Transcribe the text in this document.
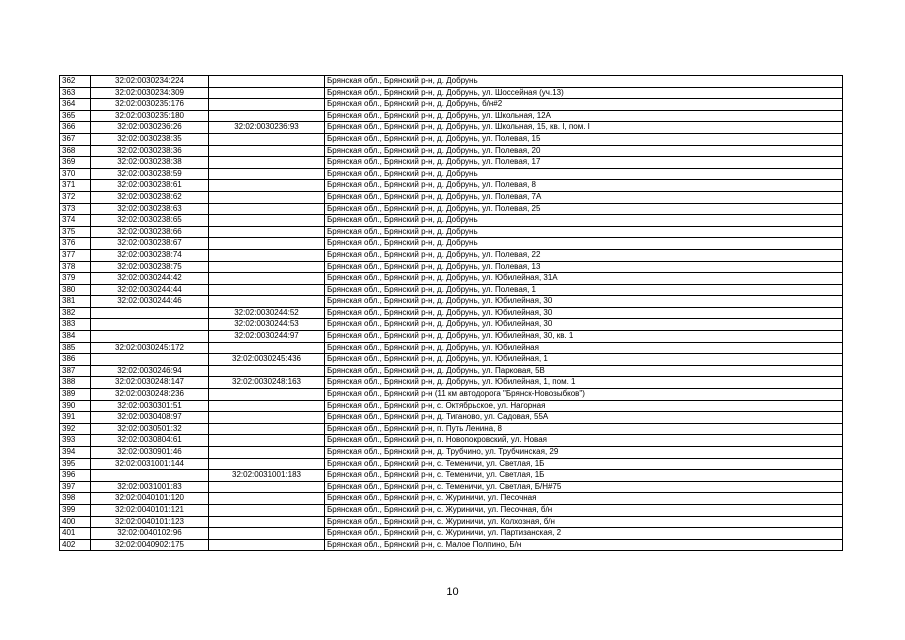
362	32:02:0030234:224		Брянская обл., Брянский р-н, д. Добрунь
363	32:02:0030234:309		Брянская обл., Брянский р-н, д. Добрунь, ул. Шоссейная (уч.13)
364	32:02:0030235:176		Брянская обл., Брянский р-н, д. Добрунь, б/н#2
365	32:02:0030235:180		Брянская обл., Брянский р-н, д. Добрунь, ул. Школьная, 12А
366	32:02:0030236:26	32:02:0030236:93	Брянская обл., Брянский р-н, д. Добрунь, ул. Школьная, 15, кв. I, пом. I
367	32:02:0030238:35		Брянская обл., Брянский р-н, д. Добрунь, ул. Полевая, 15
368	32:02:0030238:36		Брянская обл., Брянский р-н, д. Добрунь, ул. Полевая, 20
369	32:02:0030238:38		Брянская обл., Брянский р-н, д. Добрунь, ул. Полевая, 17
370	32:02:0030238:59		Брянская обл., Брянский р-н, д. Добрунь
371	32:02:0030238:61		Брянская обл., Брянский р-н, д. Добрунь, ул. Полевая, 8
372	32:02:0030238:62		Брянская обл., Брянский р-н, д. Добрунь, ул. Полевая, 7А
373	32:02:0030238:63		Брянская обл., Брянский р-н, д. Добрунь, ул. Полевая, 25
374	32:02:0030238:65		Брянская обл., Брянский р-н, д. Добрунь
375	32:02:0030238:66		Брянская обл., Брянский р-н, д. Добрунь
376	32:02:0030238:67		Брянская обл., Брянский р-н, д. Добрунь
377	32:02:0030238:74		Брянская обл., Брянский р-н, д. Добрунь, ул. Полевая, 22
378	32:02:0030238:75		Брянская обл., Брянский р-н, д. Добрунь, ул. Полевая, 13
379	32:02:0030244:42		Брянская обл., Брянский р-н, д. Добрунь, ул. Юбилейная, 31А
380	32:02:0030244:44		Брянская обл., Брянский р-н, д. Добрунь, ул. Полевая, 1
381	32:02:0030244:46		Брянская обл., Брянский р-н, д. Добрунь, ул. Юбилейная, 30
382		32:02:0030244:52	Брянская обл., Брянский р-н, д. Добрунь, ул. Юбилейная, 30
383		32:02:0030244:53	Брянская обл., Брянский р-н, д. Добрунь, ул. Юбилейная, 30
384		32:02:0030244:97	Брянская обл., Брянский р-н, д. Добрунь, ул. Юбилейная, 30, кв. 1
385	32:02:0030245:172		Брянская обл., Брянский р-н, д. Добрунь, ул. Юбилейная
386		32:02:0030245:436	Брянская обл., Брянский р-н, д. Добрунь, ул. Юбилейная, 1
387	32:02:0030246:94		Брянская обл., Брянский р-н, д. Добрунь, ул. Парковая, 5В
388	32:02:0030248:147	32:02:0030248:163	Брянская обл., Брянский р-н, д. Добрунь, ул. Юбилейная, 1, пом. 1
389	32:02:0030248:236		Брянская обл., Брянский р-н (11 км автодорога "Брянск-Новозыбков")
390	32:02:0030301:51		Брянская обл., Брянский р-н, с. Октябрьское, ул. Нагорная
391	32:02:0030408:97		Брянская обл., Брянский р-н, д. Тиганово, ул. Садовая, 55А
392	32:02:0030501:32		Брянская обл., Брянский р-н, п. Путь Ленина, 8
393	32:02:0030804:61		Брянская обл., Брянский р-н, п. Новопокровский, ул. Новая
394	32:02:0030901:46		Брянская обл., Брянский р-н, д. Трубчино, ул. Трубчинская, 29
395	32:02:0031001:144		Брянская обл., Брянский р-н, с. Теменичи, ул. Светлая, 1Б
396		32:02:0031001:183	Брянская обл., Брянский р-н, с. Теменичи, ул. Светлая, 1Б
397	32:02:0031001:83		Брянская обл., Брянский р-н, с. Теменичи, ул. Светлая, Б/Н#75
398	32:02:0040101:120		Брянская обл., Брянский р-н, с. Журиничи, ул. Песочная
399	32:02:0040101:121		Брянская обл., Брянский р-н, с. Журиничи, ул. Песочная, б/н
400	32:02:0040101:123		Брянская обл., Брянский р-н, с. Журиничи, ул. Колхозная, б/н
401	32:02:0040102:96		Брянская обл., Брянский р-н, с. Журиничи, ул. Партизанская, 2
402	32:02:0040902:175		Брянская обл., Брянский р-н, с. Малое Полпино, Б/н
10
